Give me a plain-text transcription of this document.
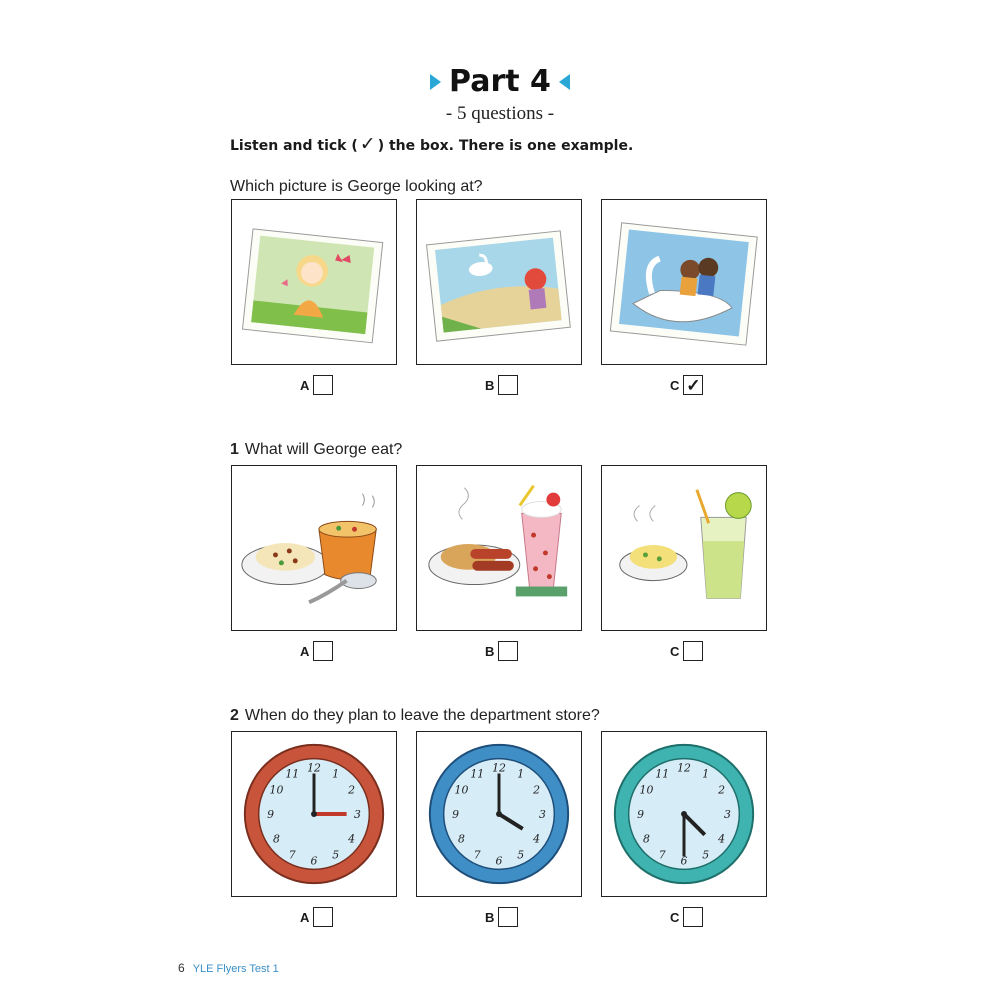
Part 4
- 5 questions -
Listen and tick ( ✓ ) the box. There is one example.
Which picture is George looking at?
A	B	C ✓
1 What will George eat?
A	B	C
2 When do they plan to leave the department store?
12 1
2
3
4
5
6
7
8
9
10
11	12 1
2
3
4
5
6
7
8
9
10
11	12 1
2
3
4
5
6
7
8
9
10
11
A	B	C
6 YLE Flyers Test 1
